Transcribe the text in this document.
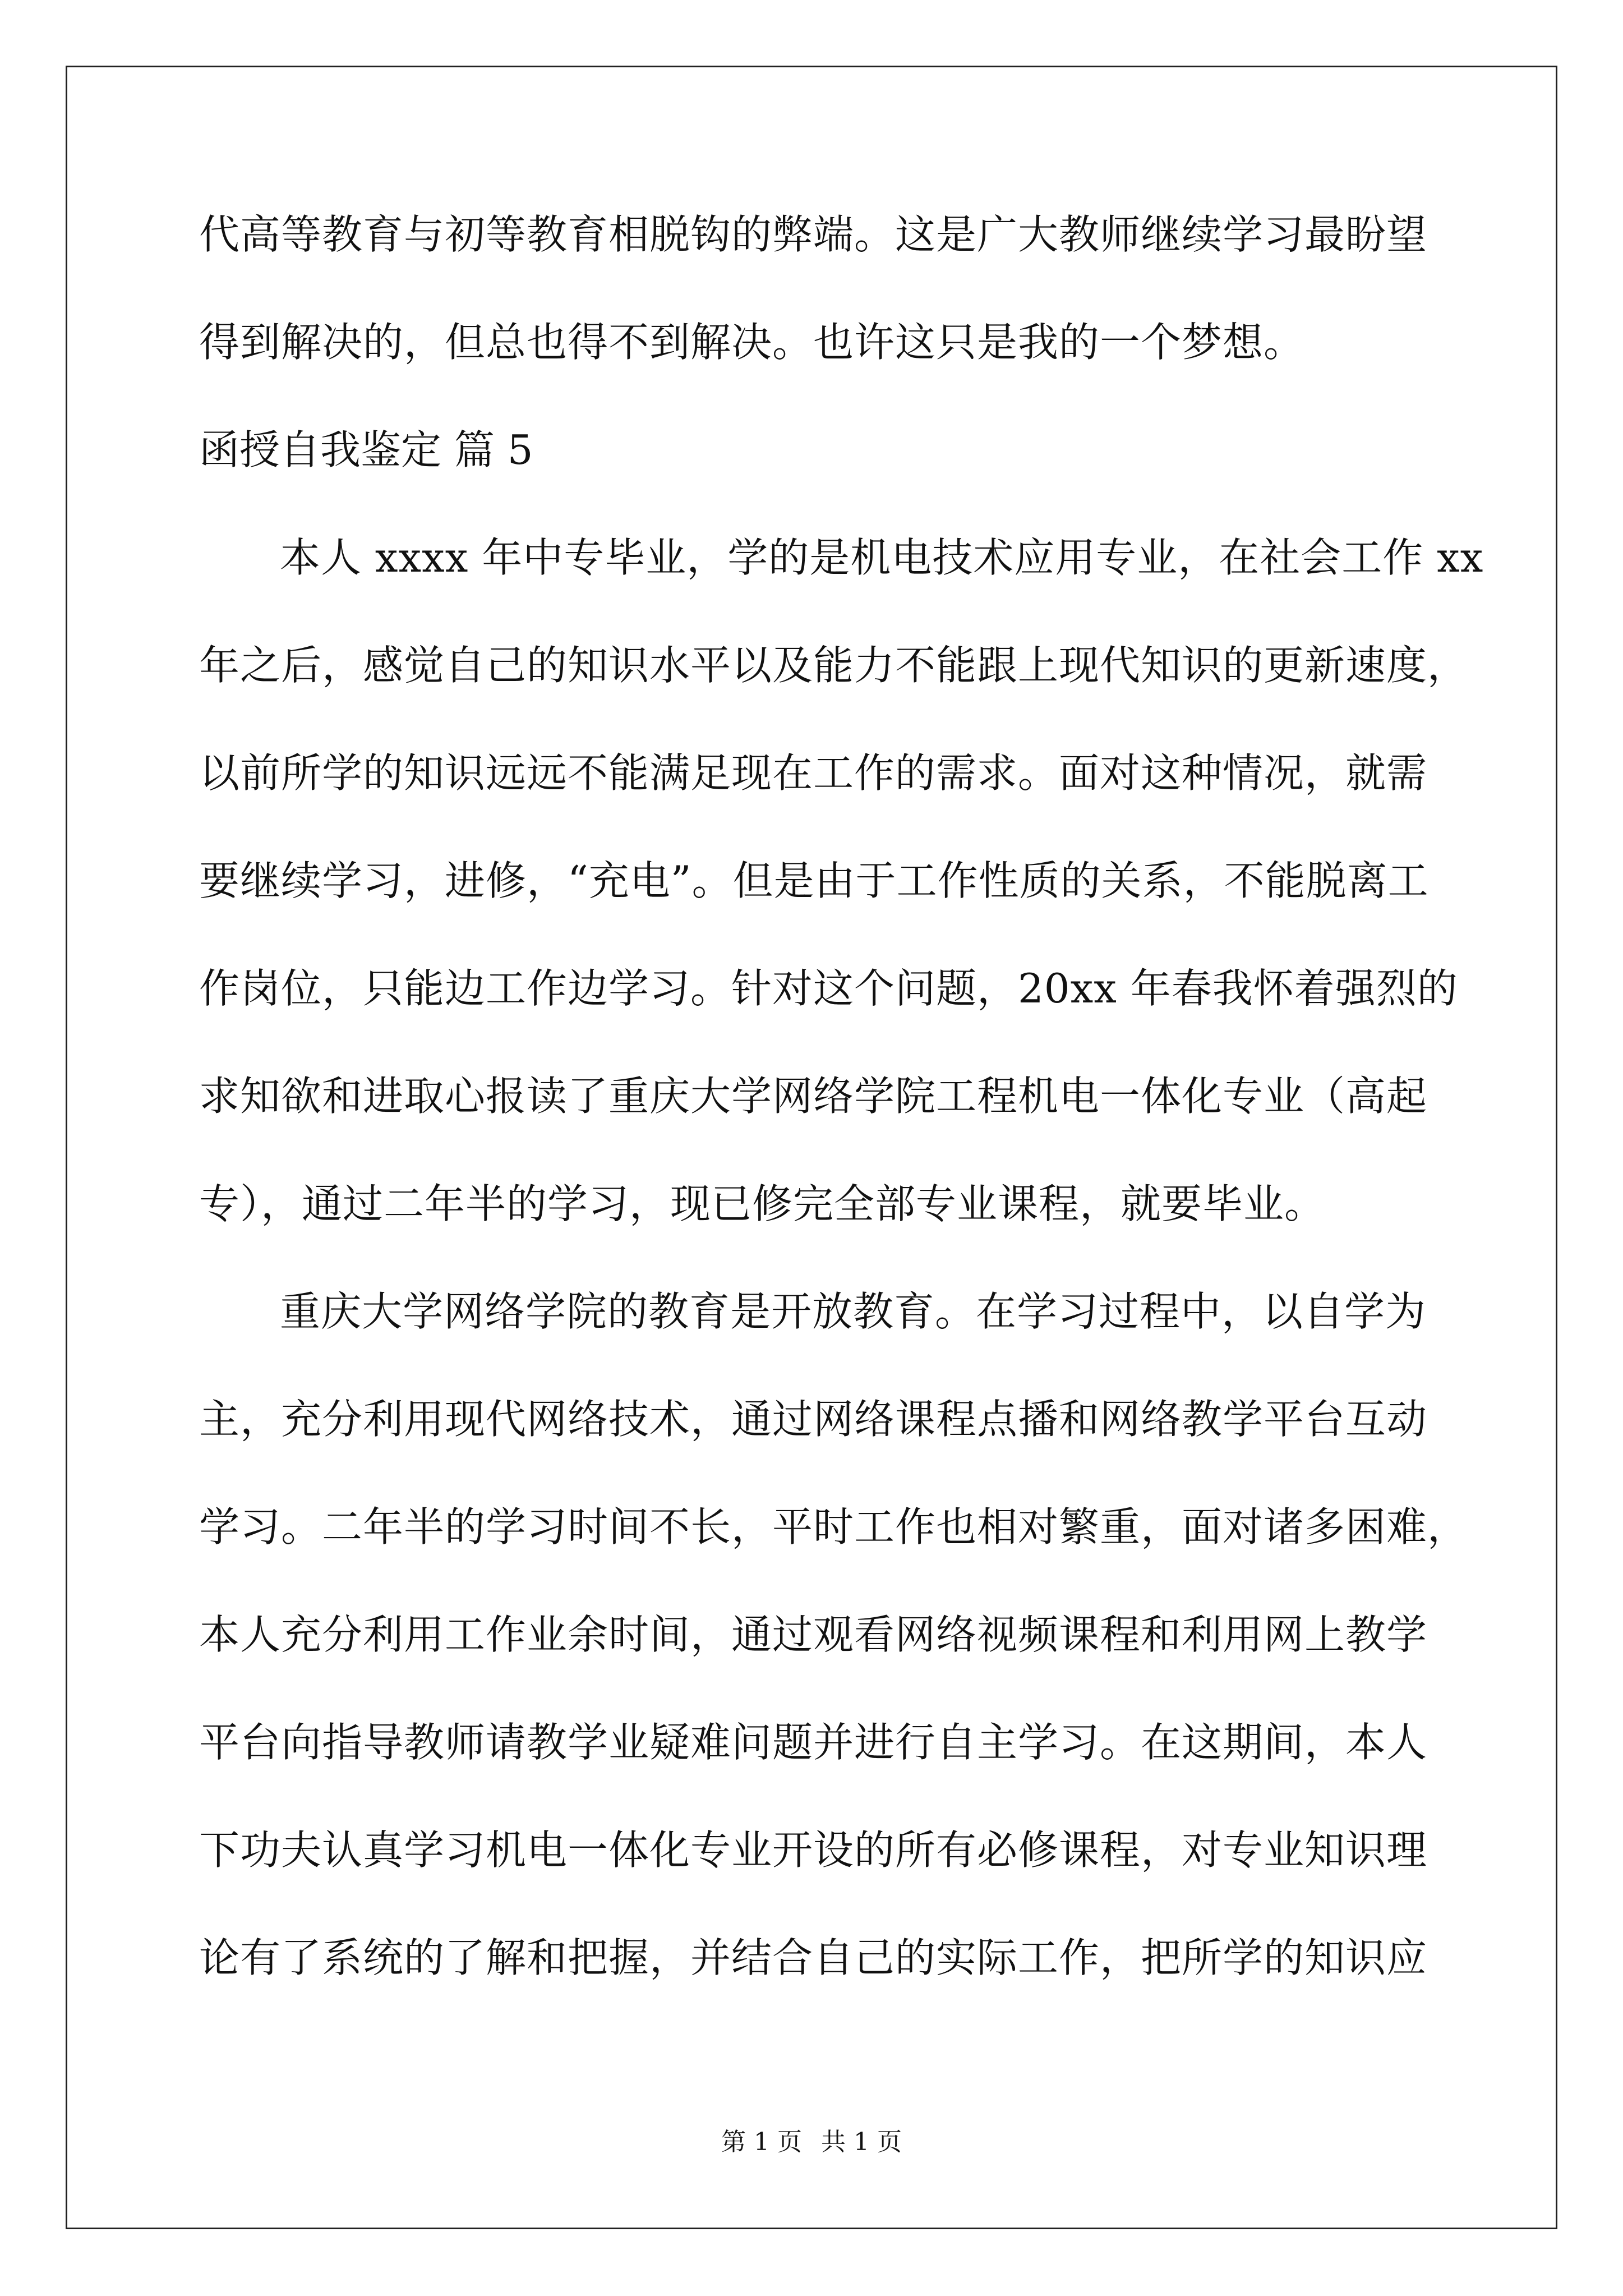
代高等教育与初等教育相脱钩的弊端。这是广大教师继续学习最盼望

得到解决的，但总也得不到解决。也许这只是我的一个梦想。

函授自我鉴定 篇 5

本人 xxxx 年中专毕业，学的是机电技术应用专业，在社会工作 xx

年之后，感觉自己的知识水平以及能力不能跟上现代知识的更新速度，

以前所学的知识远远不能满足现在工作的需求。面对这种情况，就需

要继续学习，进修，“充电”。但是由于工作性质的关系，不能脱离工

作岗位，只能边工作边学习。针对这个问题，20xx 年春我怀着强烈的

求知欲和进取心报读了重庆大学网络学院工程机电一体化专业（高起

专），通过二年半的学习，现已修完全部专业课程，就要毕业。

重庆大学网络学院的教育是开放教育。在学习过程中，以自学为

主，充分利用现代网络技术，通过网络课程点播和网络教学平台互动

学习。二年半的学习时间不长，平时工作也相对繁重，面对诸多困难，

本人充分利用工作业余时间，通过观看网络视频课程和利用网上教学

平台向指导教师请教学业疑难问题并进行自主学习。在这期间，本人

下功夫认真学习机电一体化专业开设的所有必修课程，对专业知识理

论有了系统的了解和把握，并结合自己的实际工作，把所学的知识应

第 1 页 共 1 页
